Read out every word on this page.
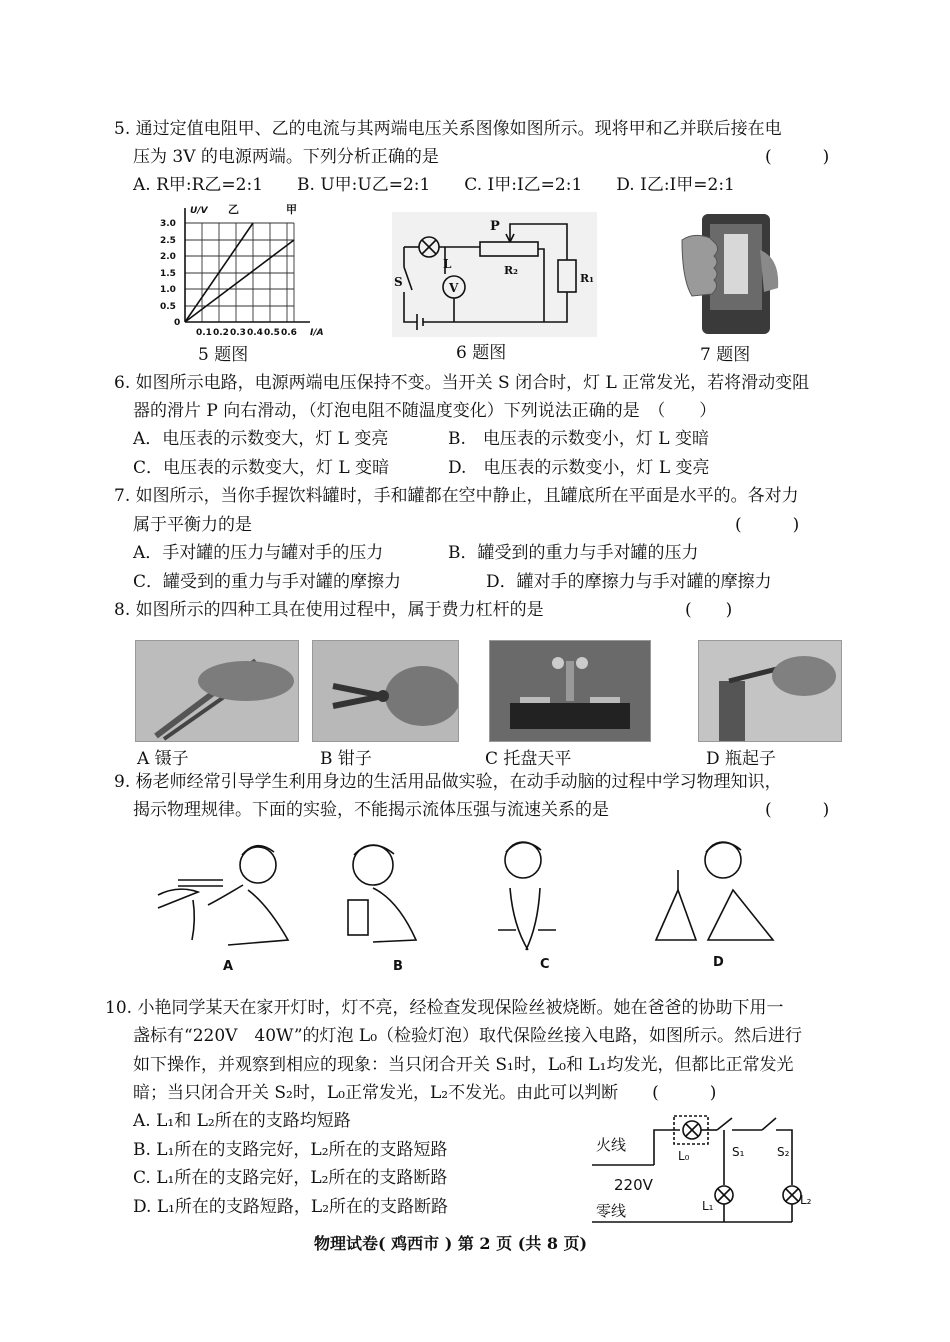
5. 通过定值电阻甲、乙的电流与其两端电压关系图像如图所示。现将甲和乙并联后接在电
压为 3V 的电源两端。下列分析正确的是	(　　　)
A. R甲:R乙=2:1　　B. U甲:U乙=2:1　　C. I甲:I乙=2:1　　D. I乙:I甲=2:1
U/V 乙	甲
3.0
2.5
2.0
1.5
1.0
0.5
0
0.1 0.2 0.3 0.4 0.5 0.6 I/A
5 题图
P
L
V
S
R₂
R₁
6 题图	7 题图
6. 如图所示电路，电源两端电压保持不变。当开关 S 闭合时，灯 L 正常发光，若将滑动变阻
器的滑片 P 向右滑动，（灯泡电阻不随温度变化）下列说法正确的是　（　　）
A．电压表的示数变大，灯 L 变亮	B.　电压表的示数变小，灯 L 变暗
C．电压表的示数变大，灯 L 变暗	D.　电压表的示数变小，灯 L 变亮
7. 如图所示，当你手握饮料罐时，手和罐都在空中静止，且罐底所在平面是水平的。各对力
属于平衡力的是	(　　　)
A．手对罐的压力与罐对手的压力	B．罐受到的重力与手对罐的压力
C．罐受到的重力与手对罐的摩擦力	D．罐对手的摩擦力与手对罐的摩擦力
8. 如图所示的四种工具在使用过程中，属于费力杠杆的是	(　　)
A 镊子	B 钳子	C 托盘天平	D 瓶起子
9. 杨老师经常引导学生利用身边的生活用品做实验，在动手动脑的过程中学习物理知识，
揭示物理规律。下面的实验，不能揭示流体压强与流速关系的是	(　　　)
A	B	C	D
10. 小艳同学某天在家开灯时，灯不亮，经检查发现保险丝被烧断。她在爸爸的协助下用一
盏标有“220V　40W”的灯泡 L₀（检验灯泡）取代保险丝接入电路，如图所示。然后进行
如下操作，并观察到相应的现象：当只闭合开关 S₁时，L₀和 L₁均发光，但都比正常发光
暗；当只闭合开关 S₂时，L₀正常发光，L₂不发光。由此可以判断　　(　　　)
A. L₁和 L₂所在的支路均短路
B. L₁所在的支路完好，L₂所在的支路短路
C. L₁所在的支路完好，L₂所在的支路断路
D. L₁所在的支路短路，L₂所在的支路断路
火线
220V
零线
L₀	S₁	S₂
L₁	L₂
物理试卷( 鸡西市 ) 第 2 页 (共 8 页)
